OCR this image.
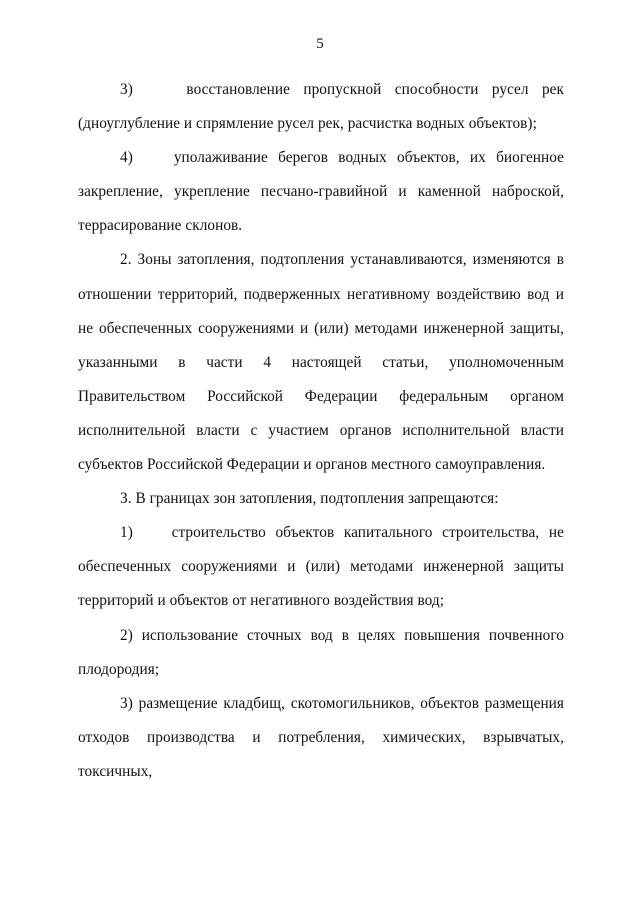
5

3)    восстановление пропускной способности русел рек (дноуглубление и спрямление русел рек, расчистка водных объектов);

4)    уполаживание берегов водных объектов, их биогенное закрепление, укрепление песчано-гравийной и каменной наброской, террасирование склонов.

2. Зоны затопления, подтопления устанавливаются, изменяются в отношении территорий, подверженных негативному воздействию вод и не обеспеченных сооружениями и (или) методами инженерной защиты, указанными в части 4 настоящей статьи, уполномоченным Правительством Российской Федерации федеральным органом исполнительной власти с участием органов исполнительной власти субъектов Российской Федерации и органов местного самоуправления.

3. В границах зон затопления, подтопления запрещаются:

1)    строительство объектов капитального строительства, не обеспеченных сооружениями и (или) методами инженерной защиты территорий и объектов от негативного воздействия вод;

2) использование сточных вод в целях повышения почвенного плодородия;

3) размещение кладбищ, скотомогильников, объектов размещения отходов производства и потребления, химических, взрывчатых, токсичных,
